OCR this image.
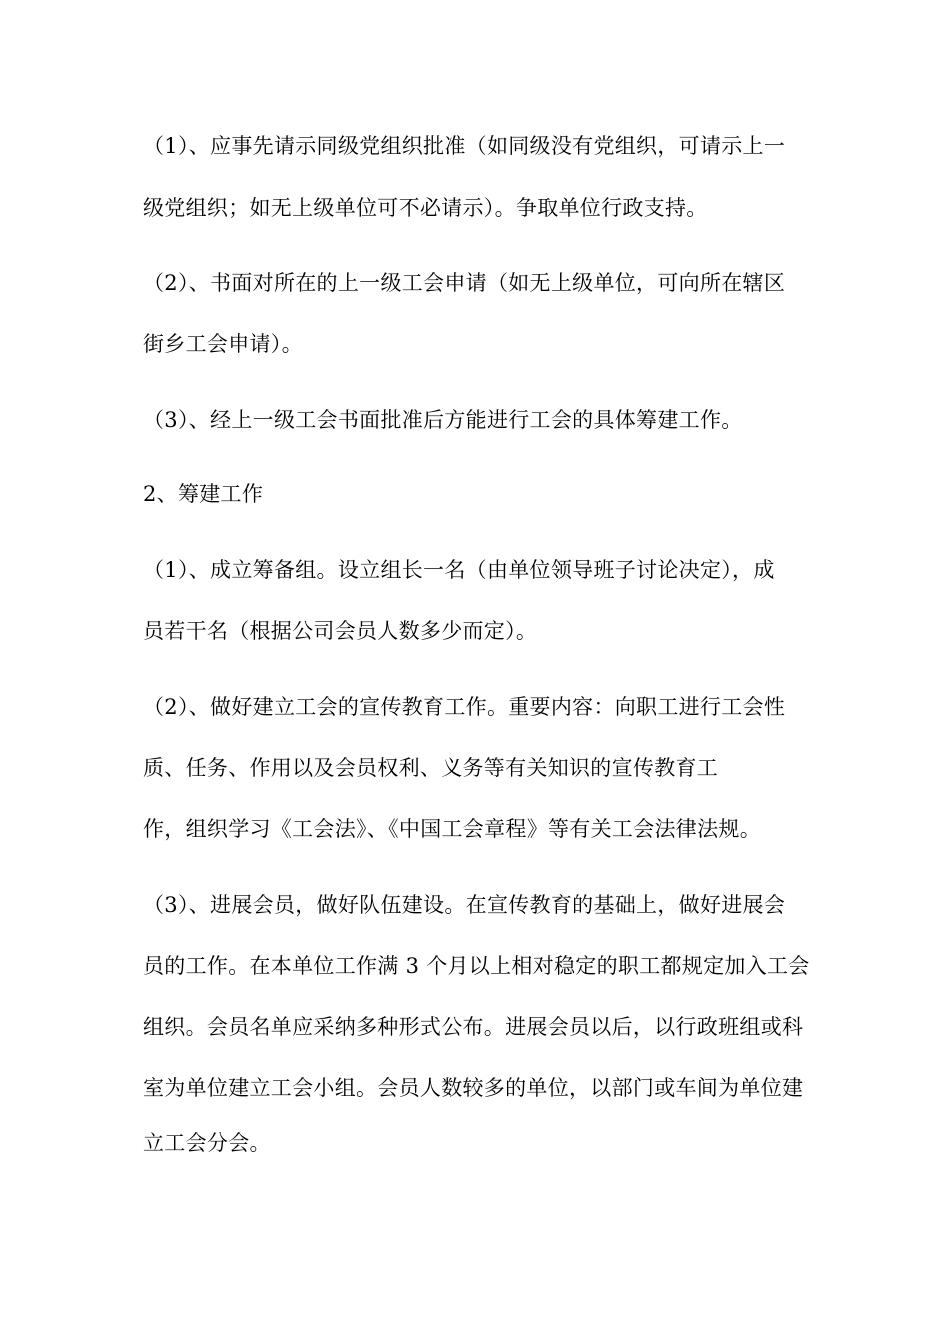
（1）、应事先请示同级党组织批准（如同级没有党组织，可请示上一
级党组织；如无上级单位可不必请示）。争取单位行政支持。
（2）、书面对所在的上一级工会申请（如无上级单位，可向所在辖区
街乡工会申请）。
（3）、经上一级工会书面批准后方能进行工会的具体筹建工作。
2、筹建工作
（1）、成立筹备组。设立组长一名（由单位领导班子讨论决定），成
员若干名（根据公司会员人数多少而定）。
（2）、做好建立工会的宣传教育工作。重要内容：向职工进行工会性
质、任务、作用以及会员权利、义务等有关知识的宣传教育工
作，组织学习《工会法》、《中国工会章程》等有关工会法律法规。
（3）、进展会员，做好队伍建设。在宣传教育的基础上，做好进展会
员的工作。在本单位工作满 3 个月以上相对稳定的职工都规定加入工会
组织。会员名单应采纳多种形式公布。进展会员以后，以行政班组或科
室为单位建立工会小组。会员人数较多的单位，以部门或车间为单位建
立工会分会。
